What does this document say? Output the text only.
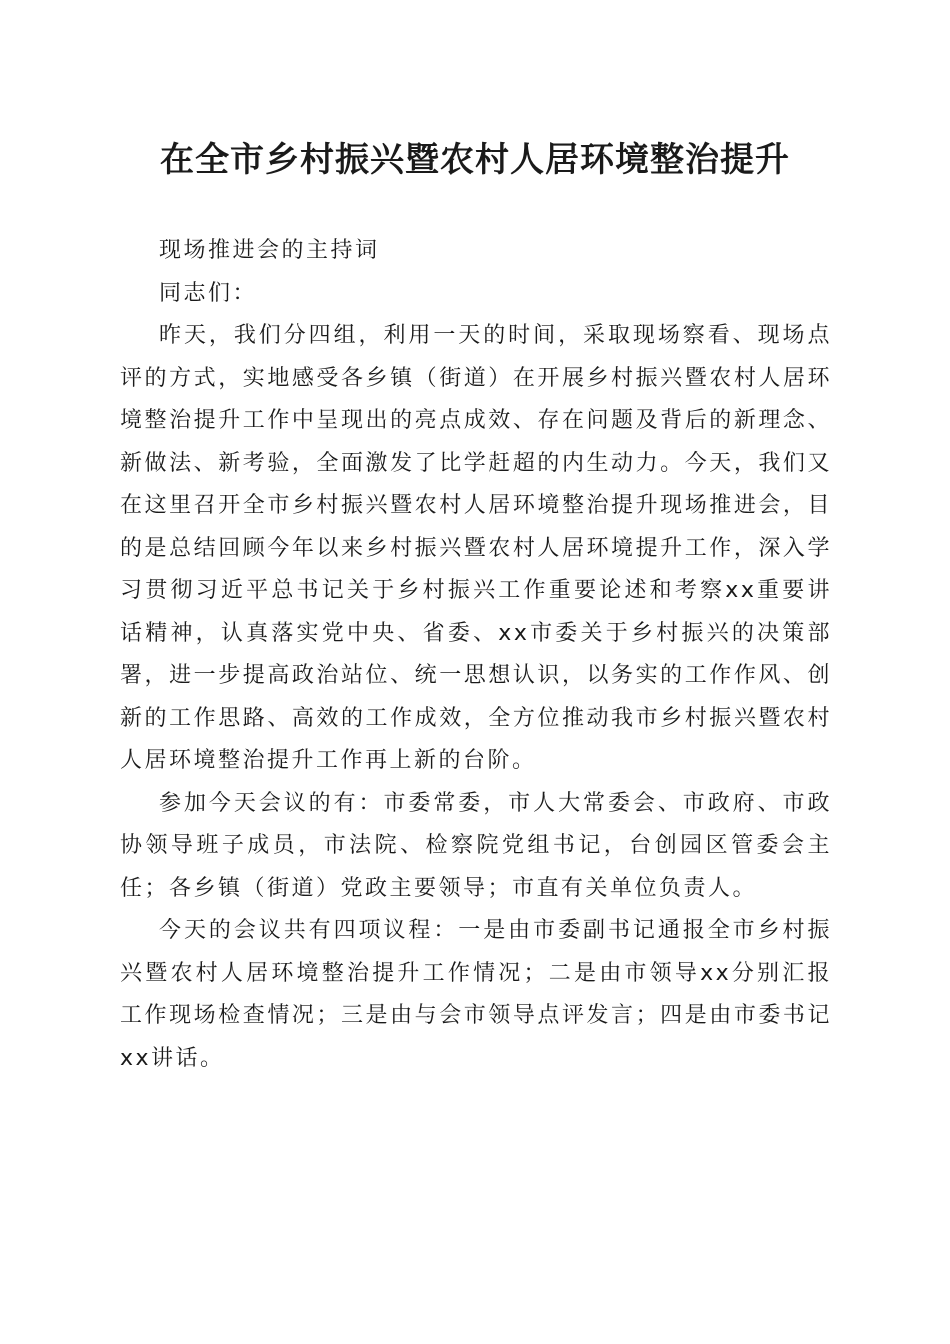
在全市乡村振兴暨农村人居环境整治提升

现场推进会的主持词

同志们：

昨天，我们分四组，利用一天的时间，采取现场察看、现场点评的方式，实地感受各乡镇（街道）在开展乡村振兴暨农村人居环境整治提升工作中呈现出的亮点成效、存在问题及背后的新理念、新做法、新考验，全面激发了比学赶超的内生动力。今天，我们又在这里召开全市乡村振兴暨农村人居环境整治提升现场推进会，目的是总结回顾今年以来乡村振兴暨农村人居环境提升工作，深入学习贯彻习近平总书记关于乡村振兴工作重要论述和考察xx重要讲话精神，认真落实党中央、省委、xx市委关于乡村振兴的决策部署，进一步提高政治站位、统一思想认识，以务实的工作作风、创新的工作思路、高效的工作成效，全方位推动我市乡村振兴暨农村人居环境整治提升工作再上新的台阶。

参加今天会议的有：市委常委，市人大常委会、市政府、市政协领导班子成员，市法院、检察院党组书记，台创园区管委会主任；各乡镇（街道）党政主要领导；市直有关单位负责人。

今天的会议共有四项议程：一是由市委副书记通报全市乡村振兴暨农村人居环境整治提升工作情况；二是由市领导xx分别汇报工作现场检查情况；三是由与会市领导点评发言；四是由市委书记xx讲话。
